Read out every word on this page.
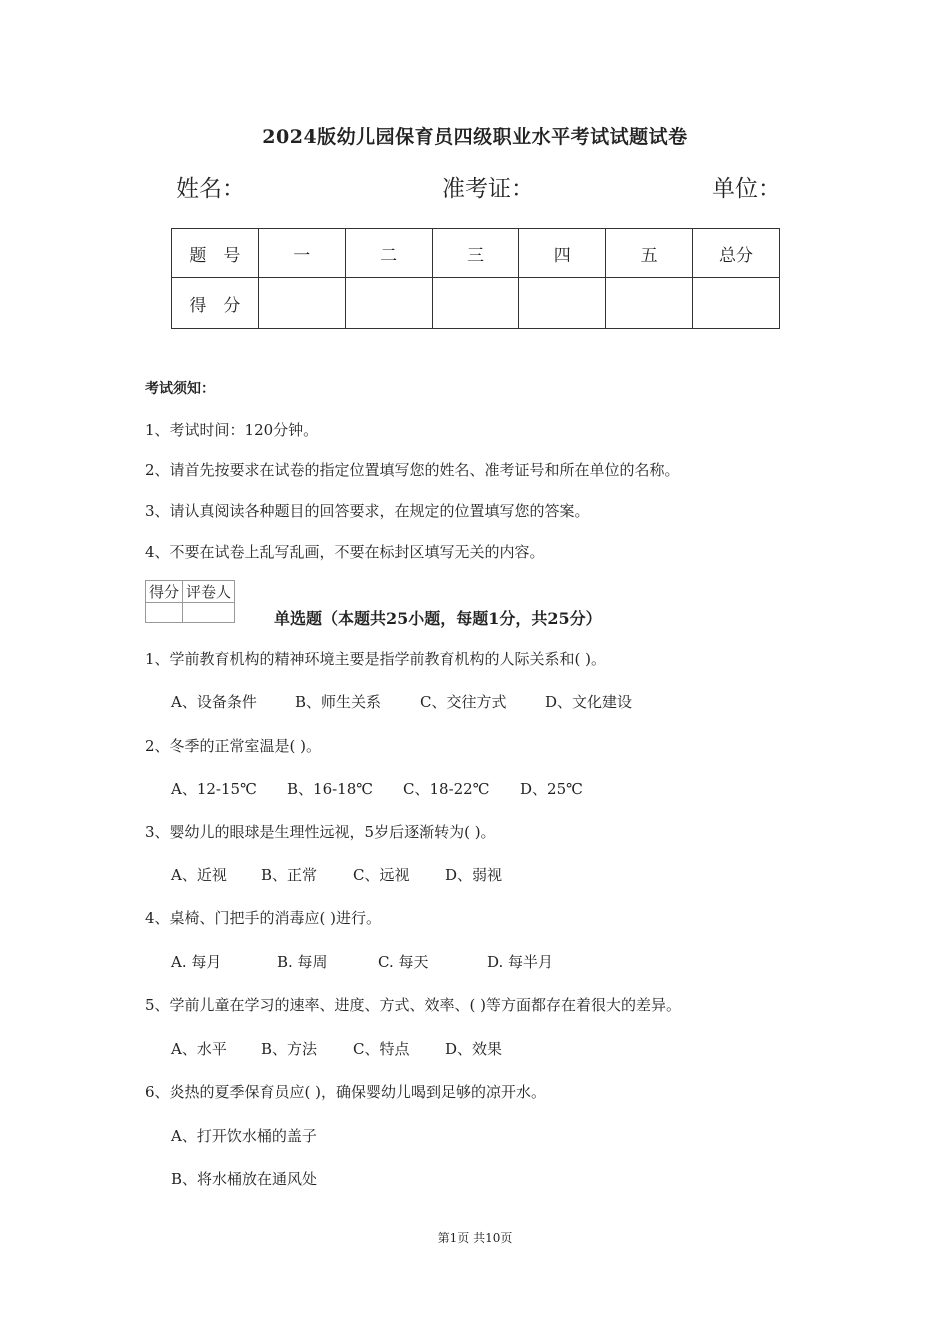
2024版幼儿园保育员四级职业水平考试试题试卷
姓名：	准考证：	单位：
题　号	一	二	三	四	五	总分
得　分						
考试须知：
1、考试时间：120分钟。
2、请首先按要求在试卷的指定位置填写您的姓名、准考证号和所在单位的名称。
3、请认真阅读各种题目的回答要求，在规定的位置填写您的答案。
4、不要在试卷上乱写乱画，不要在标封区填写无关的内容。
得分	评卷人

单选题（本题共25小题，每题1分，共25分）
1、学前教育机构的精神环境主要是指学前教育机构的人际关系和( )。
A、设备条件	B、师生关系	C、交往方式	D、文化建设
2、冬季的正常室温是( )。
A、12-15℃ B、16-18℃ C、18-22℃ D、25℃
3、婴幼儿的眼球是生理性远视，5岁后逐渐转为( )。
A、近视 B、正常 C、远视 D、弱视
4、桌椅、门把手的消毒应( )进行。
A. 每月	B. 每周	C. 每天	D. 每半月
5、学前儿童在学习的速率、进度、方式、效率、( )等方面都存在着很大的差异。
A、水平 B、方法 C、特点 D、效果
6、炎热的夏季保育员应( )，确保婴幼儿喝到足够的凉开水。
A、打开饮水桶的盖子
B、将水桶放在通风处
第1页 共10页
